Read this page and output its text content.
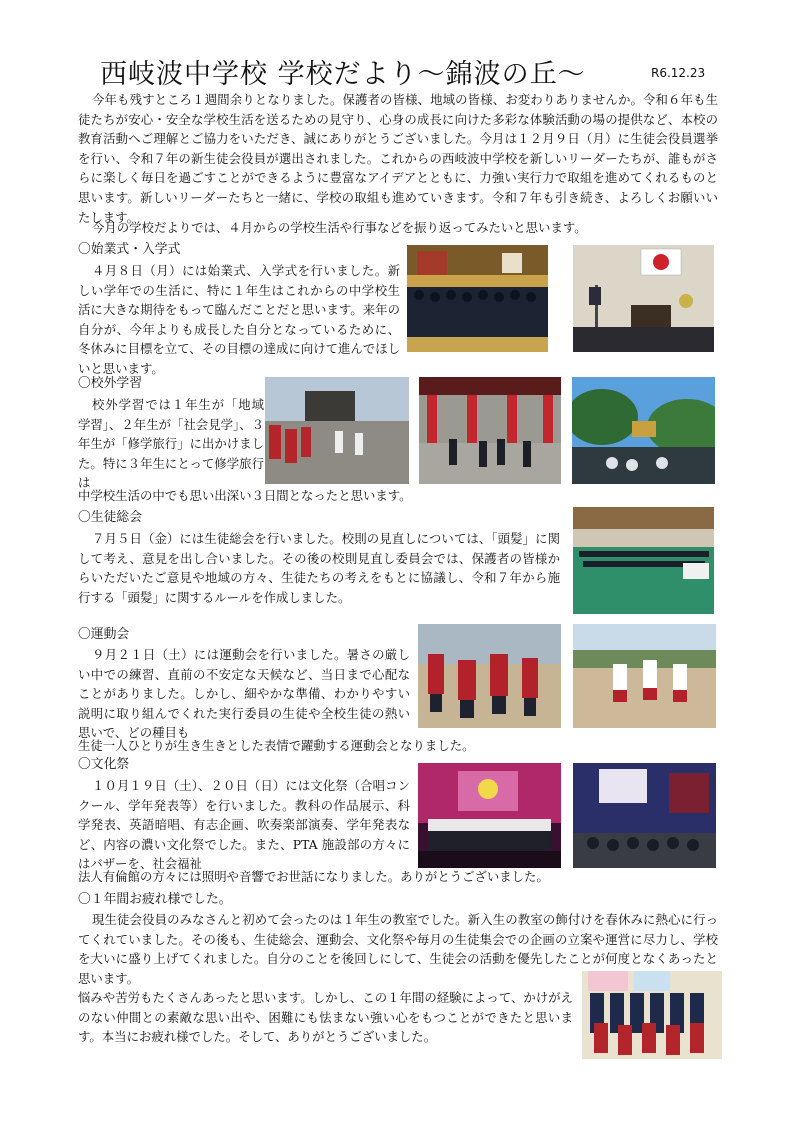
西岐波中学校 学校だより～錦波の丘～	R6.12.23

今年も残すところ１週間余りとなりました。保護者の皆様、地域の皆様、お変わりありませんか。令和６年も生徒たちが安心・安全な学校生活を送るための見守り、心身の成長に向けた多彩な体験活動の場の提供など、本校の教育活動へご理解とご協力をいただき、誠にありがとうございました。今月は１２月９日（月）に生徒会役員選挙を行い、令和７年の新生徒会役員が選出されました。これからの西岐波中学校を新しいリーダーたちが、誰もがさらに楽しく毎日を過ごすことができるように豊富なアイデアとともに、力強い実行力で取組を進めてくれるものと思います。新しいリーダーたちと一緒に、学校の取組も進めていきます。令和７年も引き続き、よろしくお願いいたします。

今月の学校だよりでは、４月からの学校生活や行事などを振り返ってみたいと思います。

〇始業式・入学式

４月８日（月）には始業式、入学式を行いました。新しい学年での生活に、特に１年生はこれからの中学校生活に大きな期待をもって臨んだことだと思います。来年の自分が、今年よりも成長した自分となっているために、冬休みに目標を立て、その目標の達成に向けて進んでほしいと思います。

〇校外学習

校外学習では１年生が「地域学習」、２年生が「社会見学」、３年生が「修学旅行」に出かけました。特に３年生にとって修学旅行は

中学校生活の中でも思い出深い３日間となったと思います。

〇生徒総会

７月５日（金）には生徒総会を行いました。校則の見直しについては、「頭髪」に関して考え、意見を出し合いました。その後の校則見直し委員会では、保護者の皆様からいただいたご意見や地域の方々、生徒たちの考えをもとに協議し、令和７年から施行する「頭髪」に関するルールを作成しました。

〇運動会

９月２１日（土）には運動会を行いました。暑さの厳しい中での練習、直前の不安定な天候など、当日まで心配なことがありました。しかし、細やかな準備、わかりやすい説明に取り組んでくれた実行委員の生徒や全校生徒の熱い思いで、どの種目も

生徒一人ひとりが生き生きとした表情で躍動する運動会となりました。

〇文化祭

１０月１９日（土）、２０日（日）には文化祭（合唱コンクール、学年発表等）を行いました。教科の作品展示、科学発表、英語暗唱、有志企画、吹奏楽部演奏、学年発表など、内容の濃い文化祭でした。また、PTA 施設部の方々にはバザーを、社会福祉

法人有倫館の方々には照明や音響でお世話になりました。ありがとうございました。

〇１年間お疲れ様でした。

現生徒会役員のみなさんと初めて会ったのは１年生の教室でした。新入生の教室の飾付けを春休みに熱心に行ってくれていました。その後も、生徒総会、運動会、文化祭や毎月の生徒集会での企画の立案や運営に尽力し、学校を大いに盛り上げてくれました。自分のことを後回しにして、生徒会の活動を優先したことが何度となくあったと思います。

悩みや苦労もたくさんあったと思います。しかし、この１年間の経験によって、かけがえのない仲間との素敵な思い出や、困難にも怯まない強い心をもつことができたと思います。本当にお疲れ様でした。そして、ありがとうございました。
